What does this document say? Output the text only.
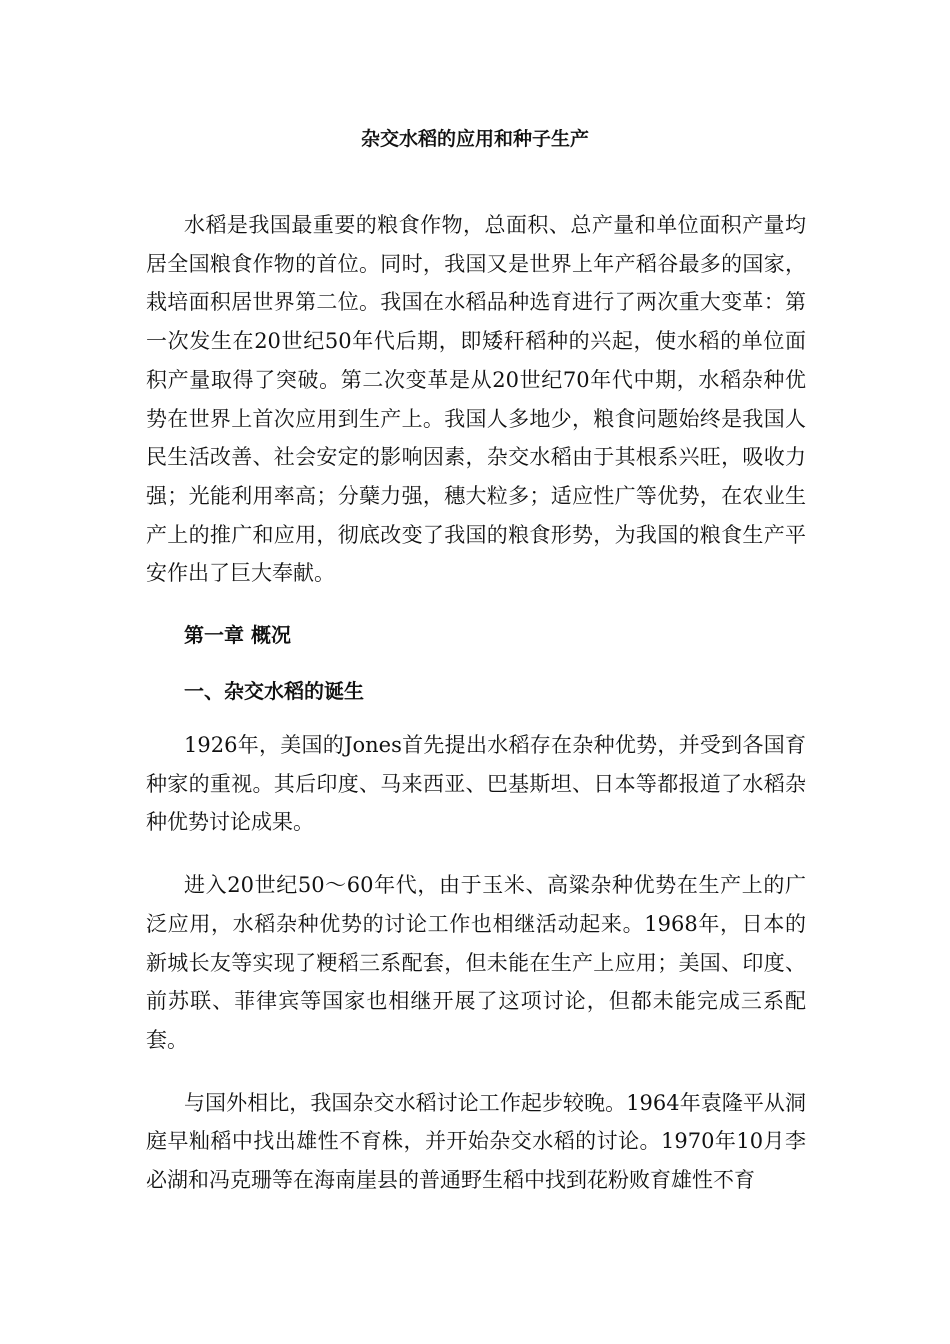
杂交水稻的应用和种子生产

水稻是我国最重要的粮食作物，总面积、总产量和单位面积产量均居全国粮食作物的首位。同时，我国又是世界上年产稻谷最多的国家，栽培面积居世界第二位。我国在水稻品种选育进行了两次重大变革：第一次发生在20世纪50年代后期，即矮秆稻种的兴起，使水稻的单位面积产量取得了突破。第二次变革是从20世纪70年代中期，水稻杂种优势在世界上首次应用到生产上。我国人多地少，粮食问题始终是我国人民生活改善、社会安定的影响因素，杂交水稻由于其根系兴旺，吸收力强；光能利用率高；分蘖力强，穗大粒多；适应性广等优势，在农业生产上的推广和应用，彻底改变了我国的粮食形势，为我国的粮食生产平安作出了巨大奉献。

第一章 概况
一、杂交水稻的诞生

1926年，美国的Jones首先提出水稻存在杂种优势，并受到各国育种家的重视。其后印度、马来西亚、巴基斯坦、日本等都报道了水稻杂种优势讨论成果。

进入20世纪50～60年代，由于玉米、高粱杂种优势在生产上的广泛应用，水稻杂种优势的讨论工作也相继活动起来。1968年，日本的新城长友等实现了粳稻三系配套，但未能在生产上应用；美国、印度、前苏联、菲律宾等国家也相继开展了这项讨论，但都未能完成三系配套。

与国外相比，我国杂交水稻讨论工作起步较晚。1964年袁隆平从洞庭早籼稻中找出雄性不育株，并开始杂交水稻的讨论。1970年10月李必湖和冯克珊等在海南崖县的普通野生稻中找到花粉败育雄性不育
